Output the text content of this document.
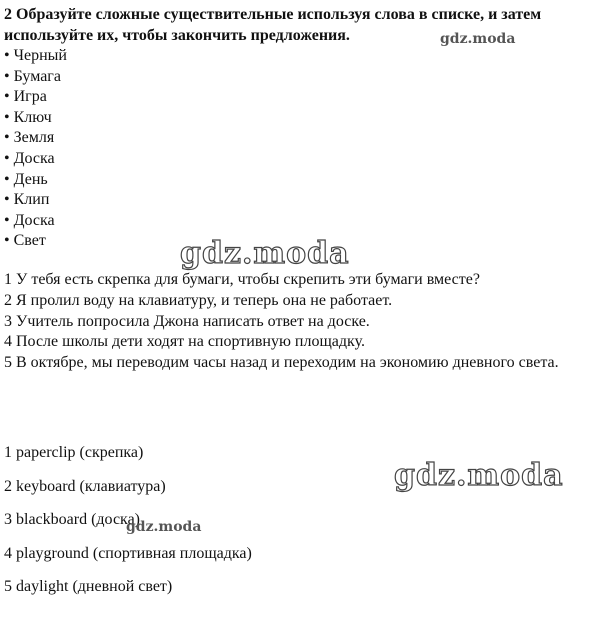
2 Образуйте сложные существительные используя слова в списке, и затем используйте их, чтобы закончить предложения.
• Черный
• Бумага
• Игра
• Ключ
• Земля
• Доска
• День
• Клип
• Доска
• Свет
1 У тебя есть скрепка для бумаги, чтобы скрепить эти бумаги вместе?
2 Я пролил воду на клавиатуру, и теперь она не работает.
3 Учитель попросила Джона написать ответ на доске.
4 После школы дети ходят на спортивную площадку.
5 В октябре, мы переводим часы назад и переходим на экономию дневного света.
1 paperclip (скрепка)
2 keyboard (клавиатура)
3 blackboard (доска)
4 playground (спортивная площадка)
5 daylight (дневной свет)
gdz.moda
gdz.moda
gdz.moda
gdz.moda
